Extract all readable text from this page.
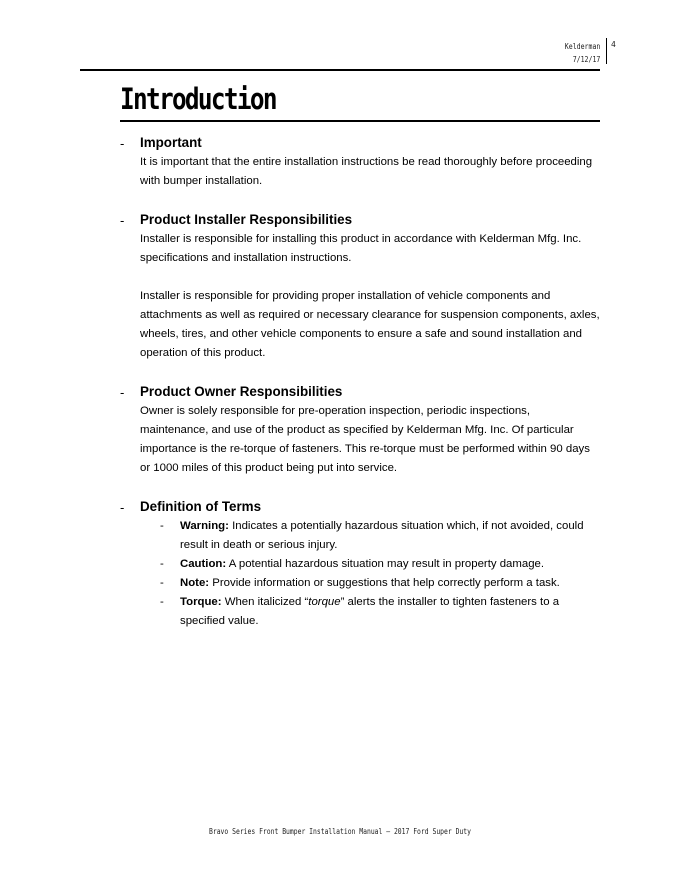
Kelderman
7/12/17
4
Introduction
- Important

It is important that the entire installation instructions be read thoroughly before proceeding with bumper installation.

- Product Installer Responsibilities

Installer is responsible for installing this product in accordance with Kelderman Mfg. Inc. specifications and installation instructions.

Installer is responsible for providing proper installation of vehicle components and attachments as well as required or necessary clearance for suspension components, axles, wheels, tires, and other vehicle components to ensure a safe and sound installation and operation of this product.

- Product Owner Responsibilities

Owner is solely responsible for pre-operation inspection, periodic inspections, maintenance, and use of the product as specified by Kelderman Mfg. Inc. Of particular importance is the re-torque of fasteners. This re-torque must be performed within 90 days or 1000 miles of this product being put into service.

- Definition of Terms
- Warning: Indicates a potentially hazardous situation which, if not avoided, could result in death or serious injury.
- Caution: A potential hazardous situation may result in property damage.
- Note: Provide information or suggestions that help correctly perform a task.
- Torque: When italicized “torque” alerts the installer to tighten fasteners to a specified value.
Bravo Series Front Bumper Installation Manual – 2017 Ford Super Duty
